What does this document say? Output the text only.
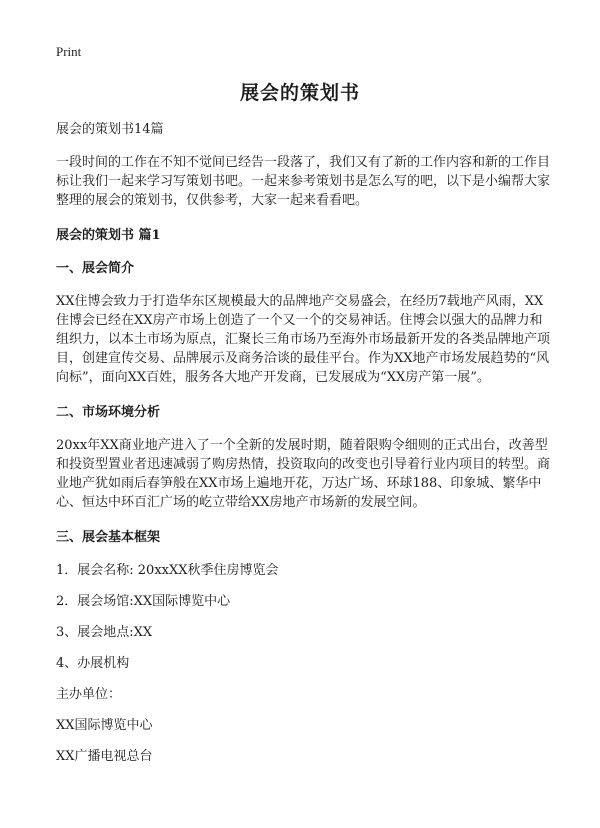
Print
展会的策划书

展会的策划书14篇

一段时间的工作在不知不觉间已经告一段落了，我们又有了新的工作内容和新的工作目标让我们一起来学习写策划书吧。一起来参考策划书是怎么写的吧，以下是小编帮大家整理的展会的策划书，仅供参考，大家一起来看看吧。

展会的策划书 篇1

一、展会简介

XX住博会致力于打造华东区规模最大的品牌地产交易盛会，在经历7载地产风雨，XX住博会已经在XX房产市场上创造了一个又一个的交易神话。住博会以强大的品牌力和组织力，以本土市场为原点，汇聚长三角市场乃至海外市场最新开发的各类品牌地产项目，创建宣传交易、品牌展示及商务洽谈的最佳平台。作为XX地产市场发展趋势的“风向标”，面向XX百姓，服务各大地产开发商，已发展成为“XX房产第一展”。

二、市场环境分析

20xx年XX商业地产进入了一个全新的发展时期，随着限购令细则的正式出台，改善型和投资型置业者迅速减弱了购房热情，投资取向的改变也引导着行业内项目的转型。商业地产犹如雨后春笋般在XX市场上遍地开花，万达广场、环球188、印象城、繁华中心、恒达中环百汇广场的屹立带给XX房地产市场新的发展空间。

三、展会基本框架

1．展会名称: 20xxXX秋季住房博览会

2．展会场馆:XX国际博览中心

3、展会地点:XX

4、办展机构

主办单位：

XX国际博览中心

XX广播电视总台
